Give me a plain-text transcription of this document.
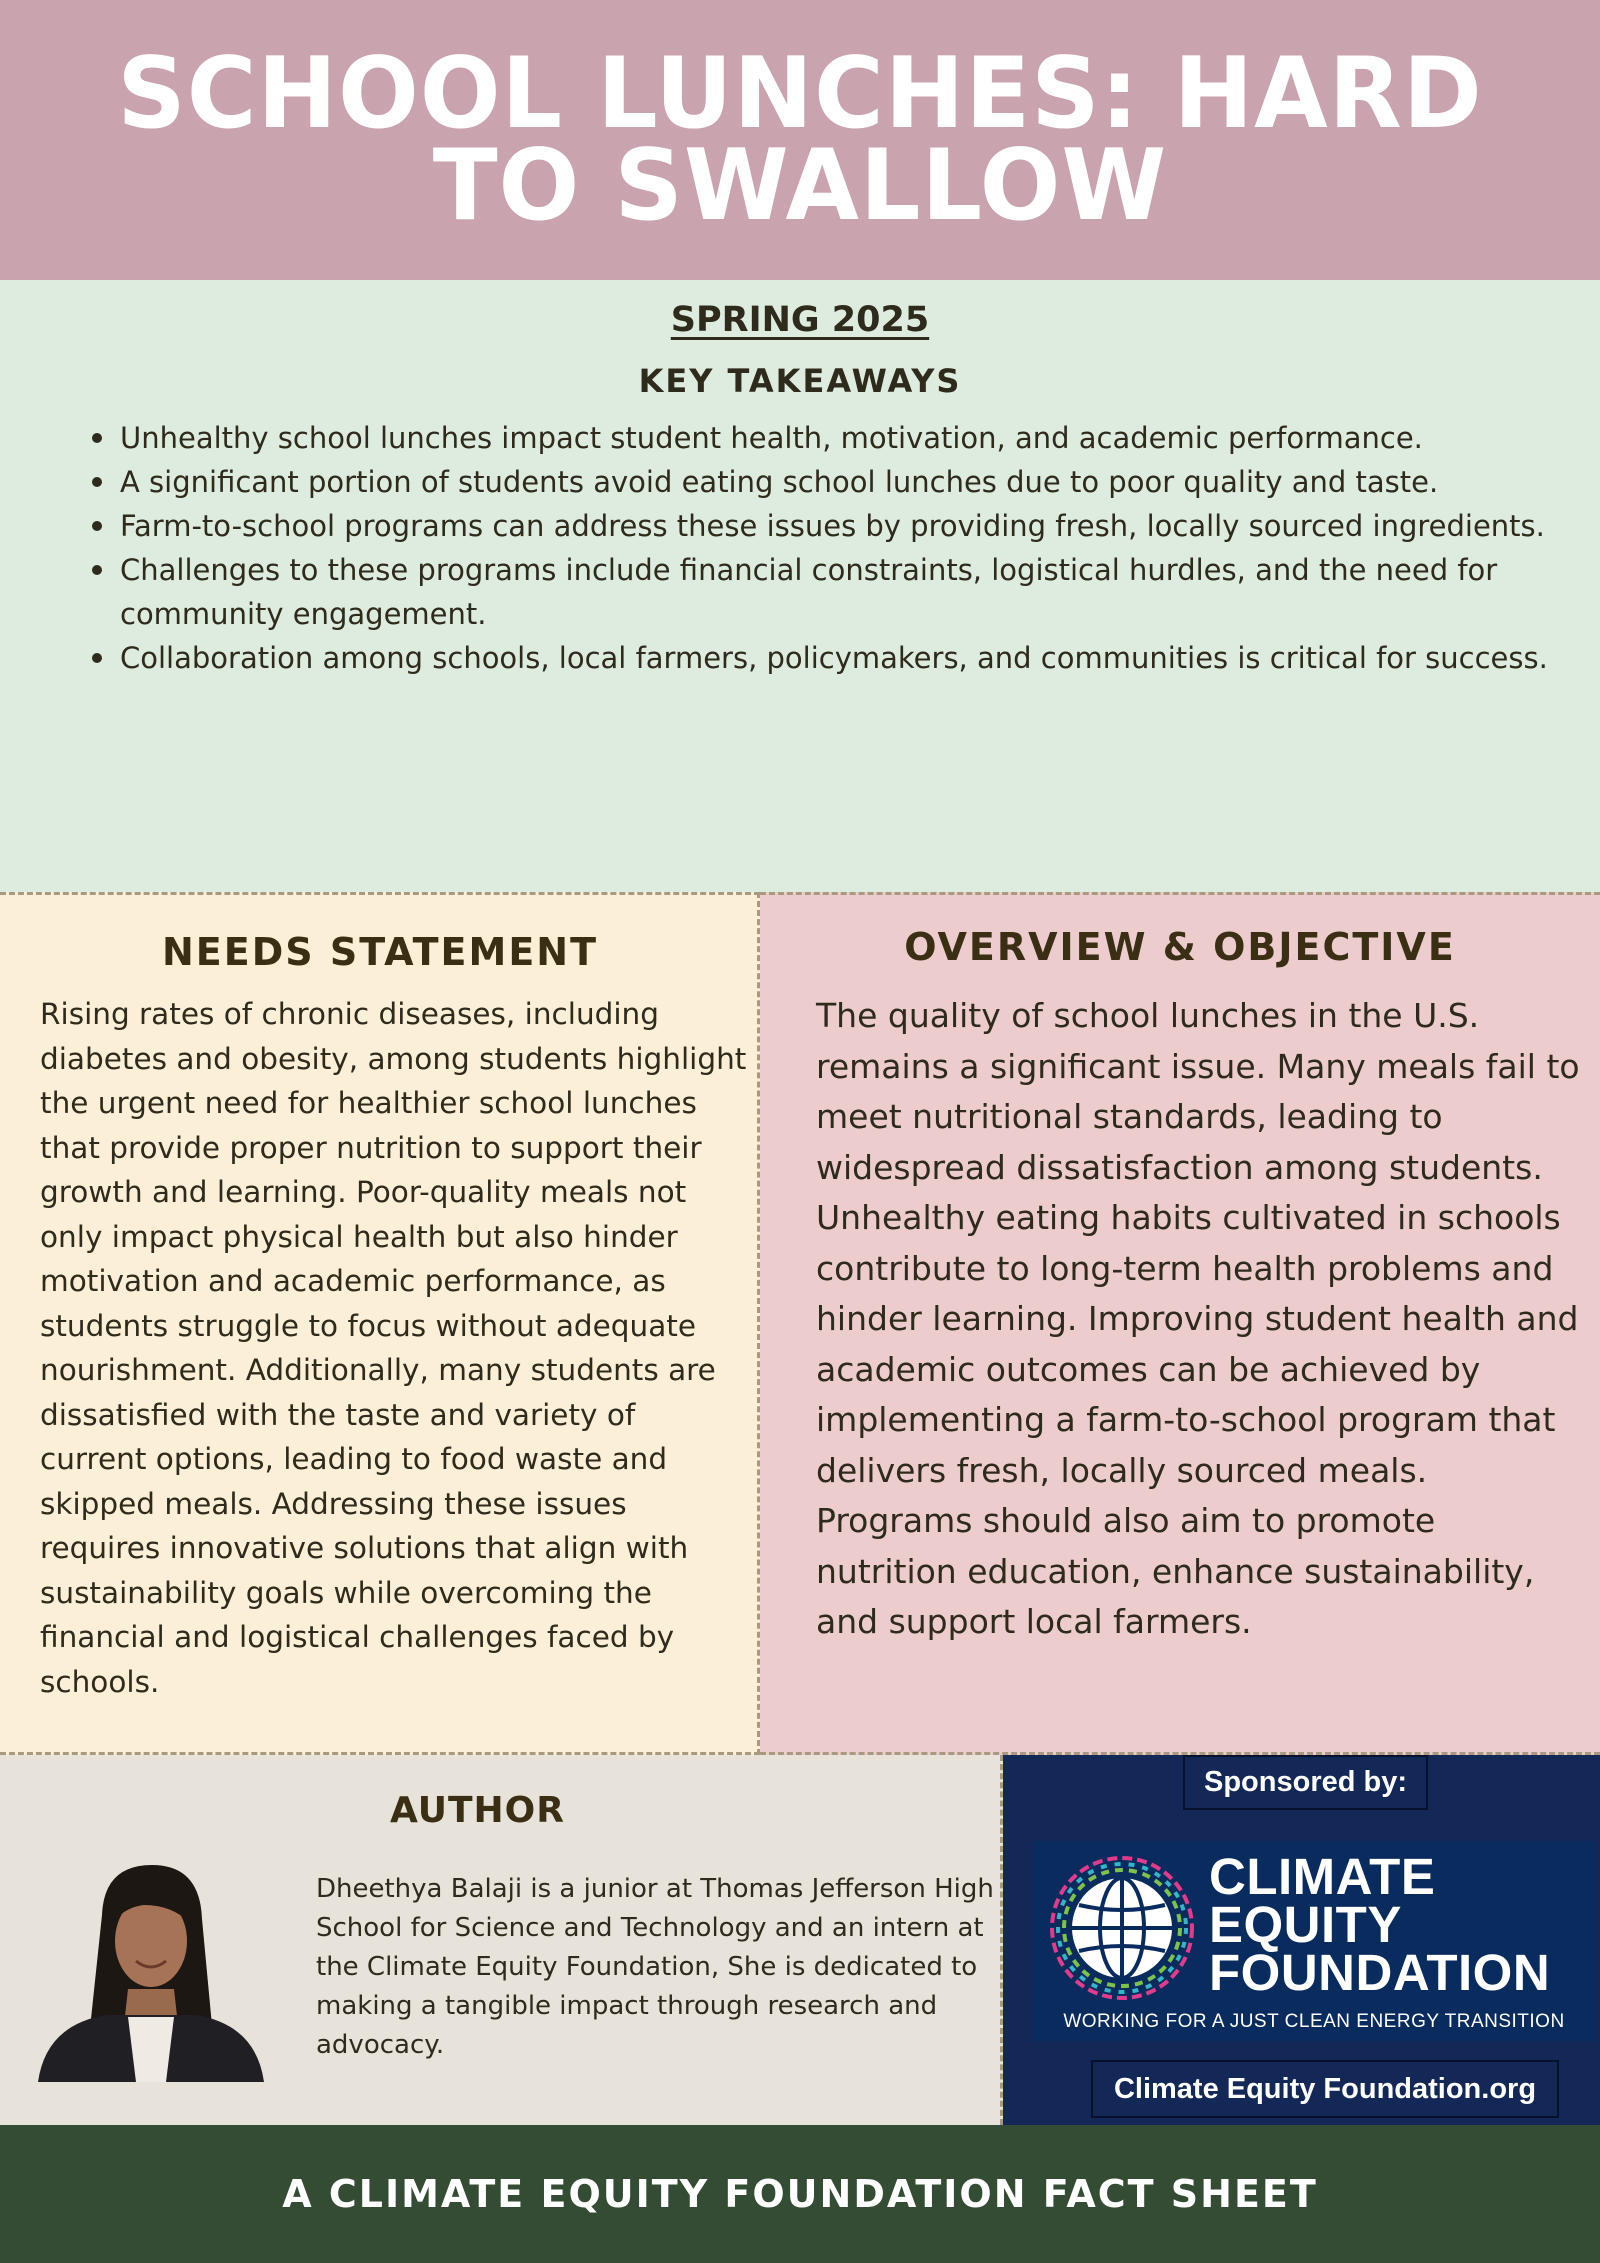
SCHOOL LUNCHES: HARD TO SWALLOW
SPRING 2025
KEY TAKEAWAYS
Unhealthy school lunches impact student health, motivation, and academic performance.
A significant portion of students avoid eating school lunches due to poor quality and taste.
Farm-to-school programs can address these issues by providing fresh, locally sourced ingredients.
Challenges to these programs include financial constraints, logistical hurdles, and the need for community engagement.
Collaboration among schools, local farmers, policymakers, and communities is critical for success.
NEEDS STATEMENT

Rising rates of chronic diseases, including diabetes and obesity, among students highlight the urgent need for healthier school lunches that provide proper nutrition to support their growth and learning. Poor-quality meals not only impact physical health but also hinder motivation and academic performance, as students struggle to focus without adequate nourishment. Additionally, many students are dissatisfied with the taste and variety of current options, leading to food waste and skipped meals. Addressing these issues requires innovative solutions that align with sustainability goals while overcoming the financial and logistical challenges faced by schools.

OVERVIEW & OBJECTIVE

The quality of school lunches in the U.S. remains a significant issue. Many meals fail to meet nutritional standards, leading to widespread dissatisfaction among students. Unhealthy eating habits cultivated in schools contribute to long-term health problems and hinder learning. Improving student health and academic outcomes can be achieved by implementing a farm-to-school program that delivers fresh, locally sourced meals. Programs should also aim to promote nutrition education, enhance sustainability, and support local farmers.

AUTHOR

Dheethya Balaji is a junior at Thomas Jefferson High School for Science and Technology and an intern at the Climate Equity Foundation, She is dedicated to making a tangible impact through research and advocacy.

Sponsored by:
CLIMATE
EQUITY
FOUNDATION
WORKING FOR A JUST CLEAN ENERGY TRANSITION
Climate Equity Foundation.org
A CLIMATE EQUITY FOUNDATION FACT SHEET
